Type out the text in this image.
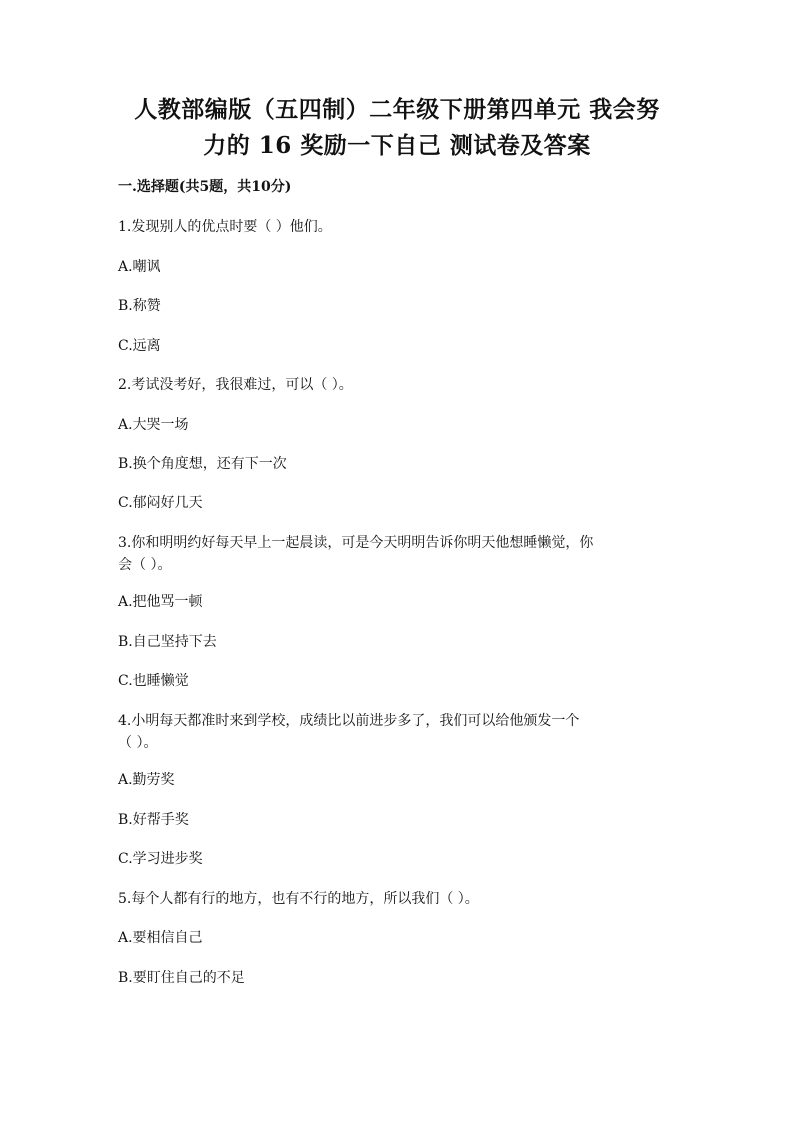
人教部编版（五四制）二年级下册第四单元 我会努
力的 16 奖励一下自己 测试卷及答案
一.选择题(共5题，共10分)
1.发现别人的优点时要（ ）他们。
A.嘲讽
B.称赞
C.远离
2.考试没考好，我很难过，可以（ ）。
A.大哭一场
B.换个角度想，还有下一次
C.郁闷好几天
3.你和明明约好每天早上一起晨读，可是今天明明告诉你明天他想睡懒觉，你
会（ ）。
A.把他骂一顿
B.自己坚持下去
C.也睡懒觉
4.小明每天都准时来到学校，成绩比以前进步多了，我们可以给他颁发一个
（ ）。
A.勤劳奖
B.好帮手奖
C.学习进步奖
5.每个人都有行的地方，也有不行的地方，所以我们（ ）。
A.要相信自己
B.要盯住自己的不足
